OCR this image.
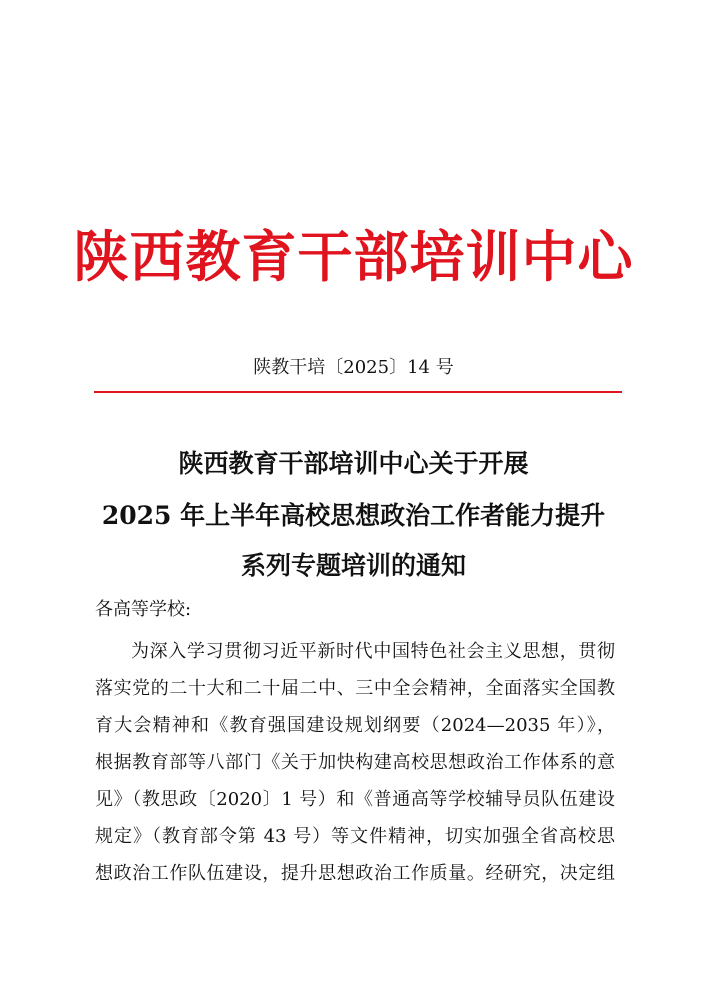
陕西教育干部培训中心
陕教干培〔2025〕14 号
陕西教育干部培训中心关于开展
2025 年上半年高校思想政治工作者能力提升
系列专题培训的通知
各高等学校:
为深入学习贯彻习近平新时代中国特色社会主义思想，贯彻
落实党的二十大和二十届二中、三中全会精神，全面落实全国教
育大会精神和《教育强国建设规划纲要（2024—2035 年）》，
根据教育部等八部门《关于加快构建高校思想政治工作体系的意
见》（教思政〔2020〕1 号）和《普通高等学校辅导员队伍建设
规定》（教育部令第 43 号）等文件精神，切实加强全省高校思
想政治工作队伍建设，提升思想政治工作质量。经研究，决定组
